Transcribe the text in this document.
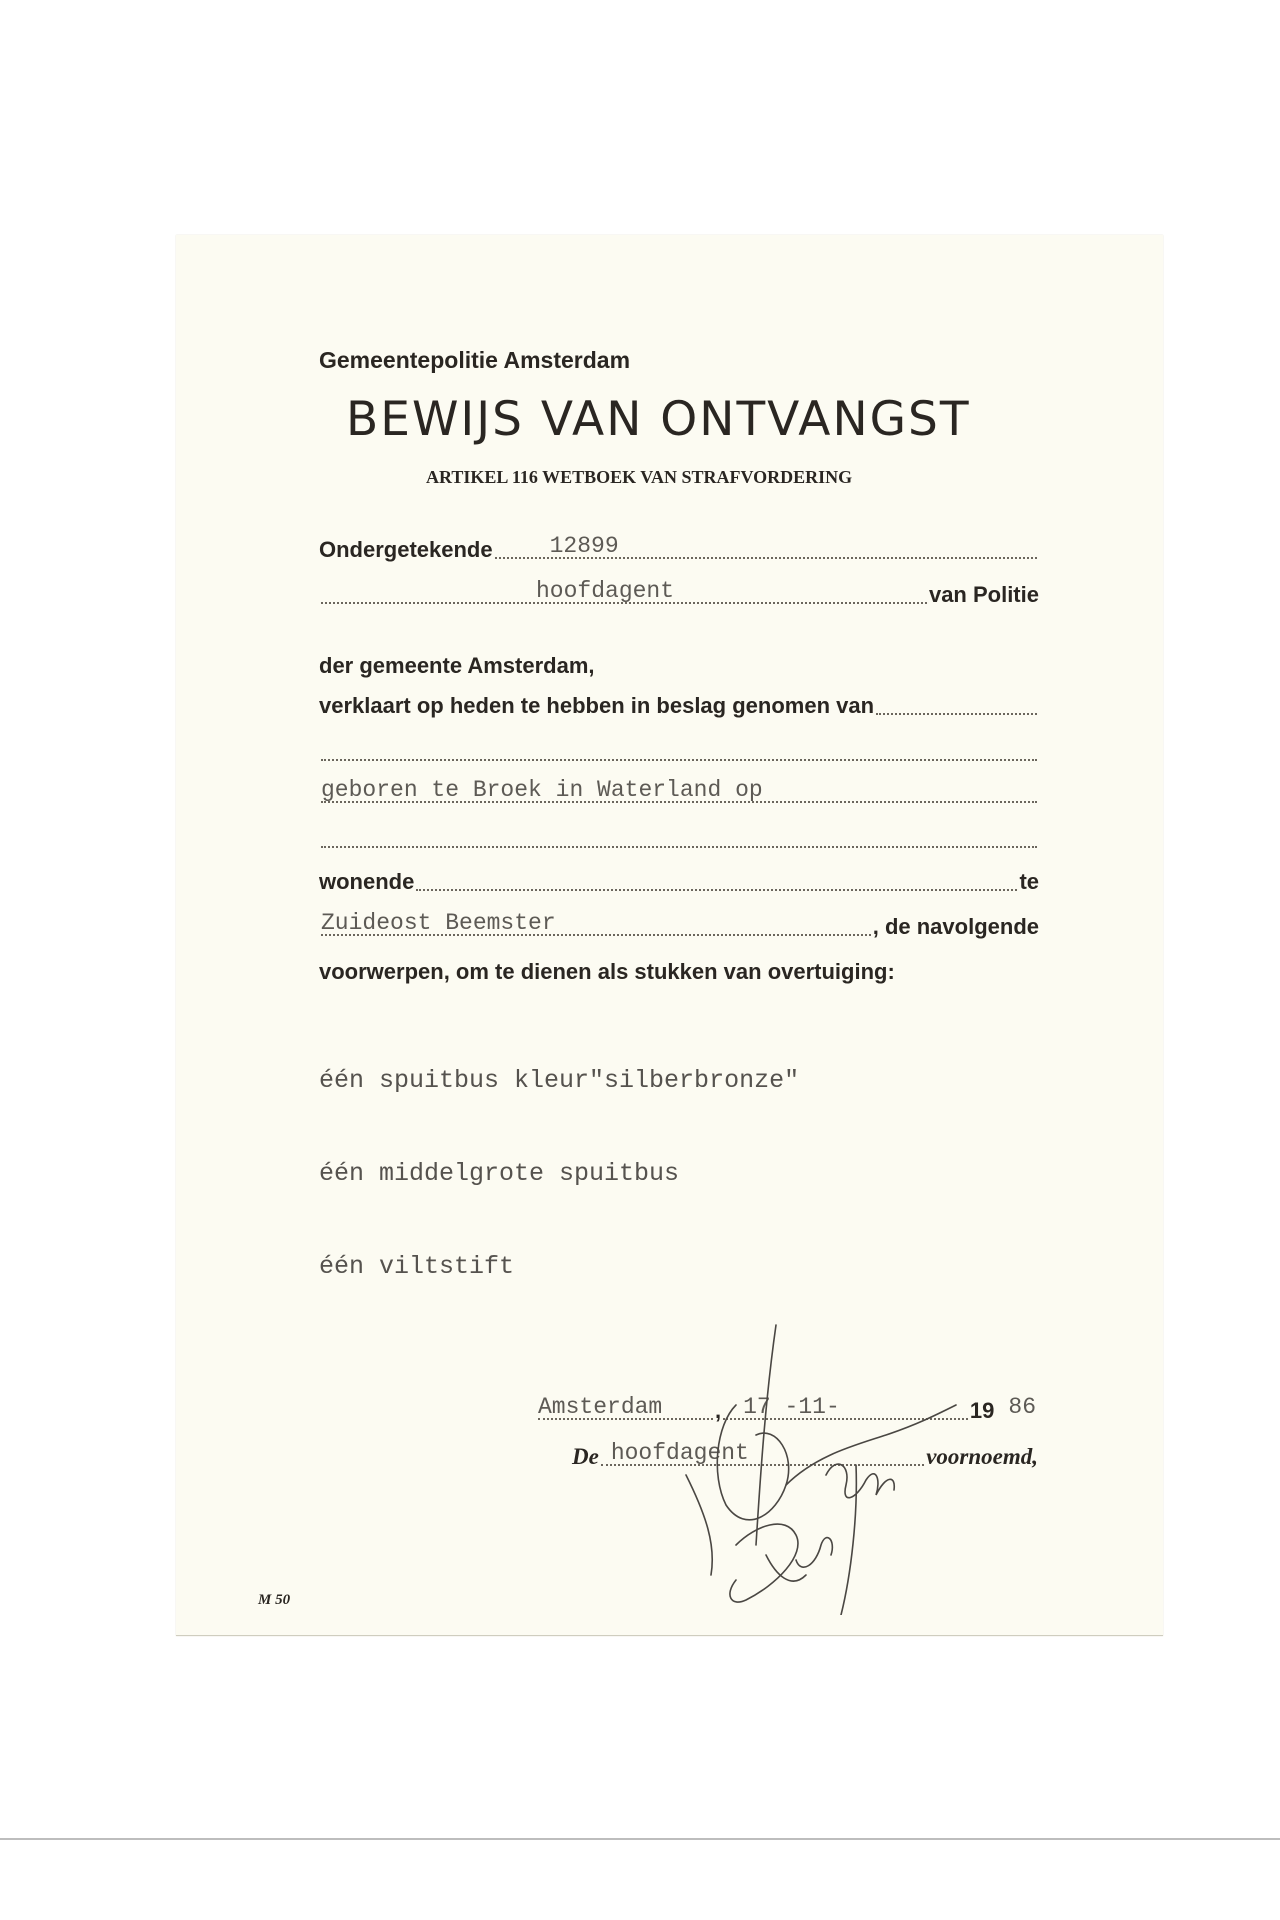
Gemeentepolitie Amsterdam
BEWIJS VAN ONTVANGST
ARTIKEL 116 WETBOEK VAN STRAFVORDERING
Ondergetekende 12899
hoofdagent	van Politie
der gemeente Amsterdam,
verklaart op heden te hebben in beslag genomen van
geboren te Broek in Waterland op
wonende	te
Zuideost Beemster	, de navolgende
voorwerpen, om te dienen als stukken van overtuiging:

één spuitbus kleur"silberbronze"

één middelgrote spuitbus

één viltstift

Amsterdam , 17 -11-	19 86
De hoofdagent	voornoemd,
M 50
